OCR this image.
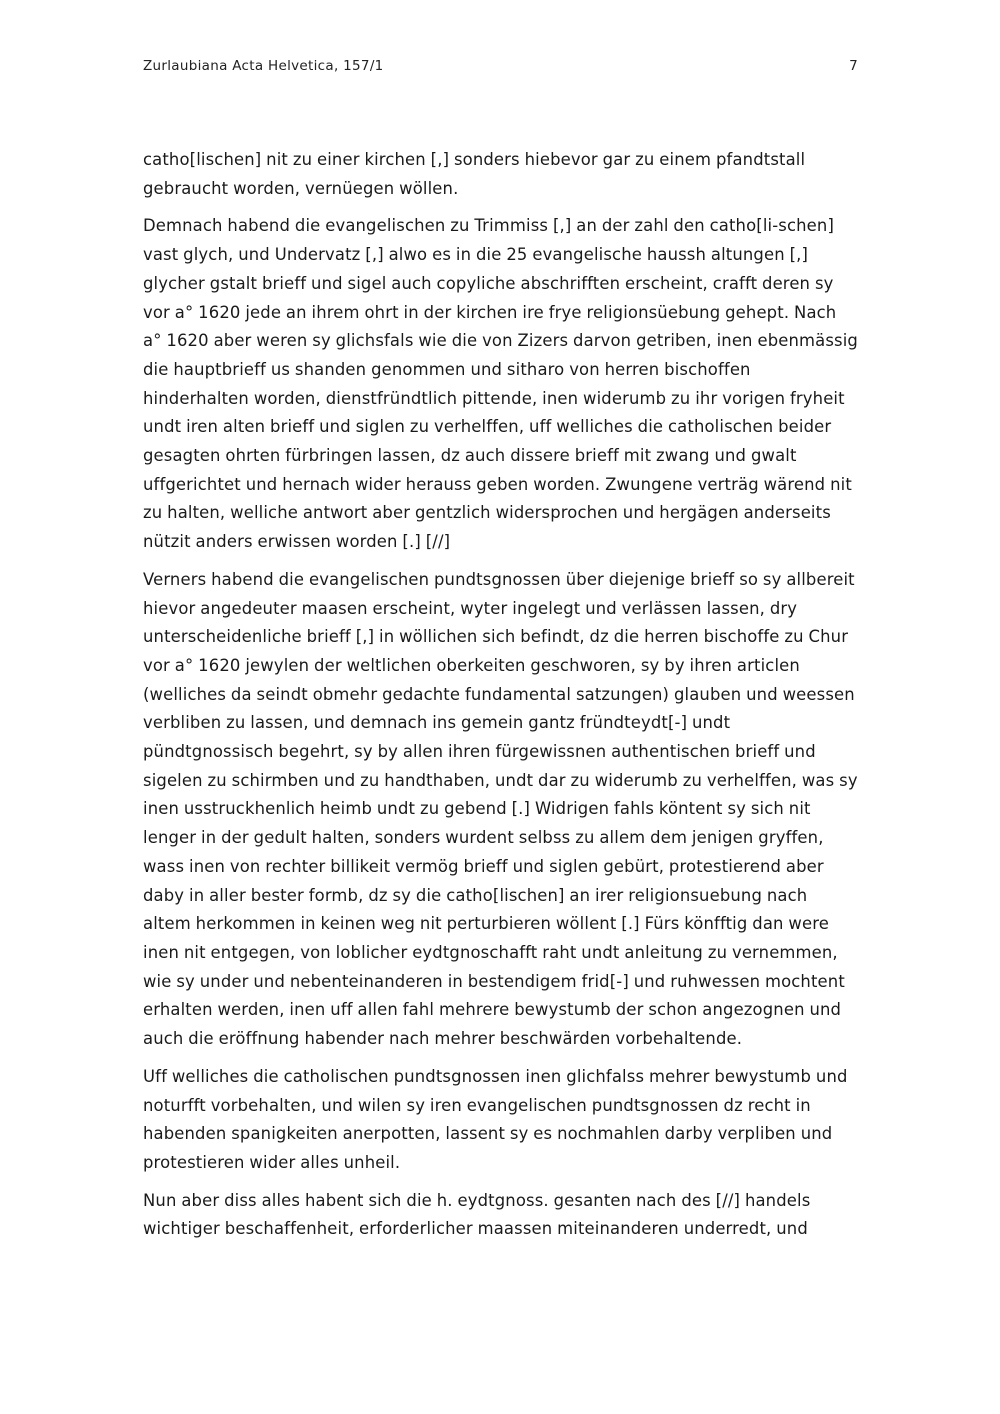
Zurlaubiana Acta Helvetica, 157/1	7

catho[lischen] nit zu einer kirchen [,] sonders hiebevor gar zu einem pfandtstall gebraucht worden, vernüegen wöllen.

Demnach habend die evangelischen zu Trimmiss [,] an der zahl den catho[li-schen] vast glych, und Undervatz [,] alwo es in die 25 evangelische haussh altungen [,] glycher gstalt brieff und sigel auch copyliche abschrifften erscheint, crafft deren sy vor a° 1620 jede an ihrem ohrt in der kirchen ire frye religionsüebung gehept. Nach a° 1620 aber weren sy glichsfals wie die von Zizers darvon getriben, inen ebenmässig die hauptbrieff us shanden genommen und sitharo von herren bischoffen hinderhalten worden, dienstfründtlich pittende, inen widerumb zu ihr vorigen fryheit undt iren alten brieff und siglen zu verhelffen, uff welliches die catholischen beider gesagten ohrten fürbringen lassen, dz auch dissere brieff mit zwang und gwalt uffgerichtet und hernach wider herauss geben worden. Zwungene verträg wärend nit zu halten, welliche antwort aber gentzlich widersprochen und hergägen anderseits nützit anders erwissen worden [.] [//]

Verners habend die evangelischen pundtsgnossen über diejenige brieff so sy allbereit hievor angedeuter maasen erscheint, wyter ingelegt und verlässen lassen, dry unterscheidenliche brieff [,] in wöllichen sich befindt, dz die herren bischoffe zu Chur vor a° 1620 jewylen der weltlichen oberkeiten geschworen, sy by ihren articlen (welliches da seindt obmehr gedachte fundamental satzungen) glauben und weessen verbliben zu lassen, und demnach ins gemein gantz fründteydt[-] undt pündtgnossisch begehrt, sy by allen ihren fürgewissnen authentischen brieff und sigelen zu schirmben und zu handthaben, undt dar zu widerumb zu verhelffen, was sy inen usstruckhenlich heimb undt zu gebend [.] Widrigen fahls köntent sy sich nit lenger in der gedult halten, sonders wurdent selbss zu allem dem jenigen gryffen, wass inen von rechter billikeit vermög brieff und siglen gebürt, protestierend aber daby in aller bester formb, dz sy die catho[lischen] an irer religionsuebung nach altem herkommen in keinen weg nit perturbieren wöllent [.] Fürs könfftig dan were inen nit entgegen, von loblicher eydtgnoschafft raht undt anleitung zu vernemmen, wie sy under und nebenteinanderen in bestendigem frid[-] und ruhwessen mochtent erhalten werden, inen uff allen fahl mehrere bewystumb der schon angezognen und auch die eröffnung habender nach mehrer beschwärden vorbehaltende.

Uff welliches die catholischen pundtsgnossen inen glichfalss mehrer bewystumb und noturfft vorbehalten, und wilen sy iren evangelischen pundtsgnossen dz recht in habenden spanigkeiten anerpotten, lassent sy es nochmahlen darby verpliben und protestieren wider alles unheil.

Nun aber diss alles habent sich die h. eydtgnoss. gesanten nach des [//] handels wichtiger beschaffenheit, erforderlicher maassen miteinanderen underredt, und
